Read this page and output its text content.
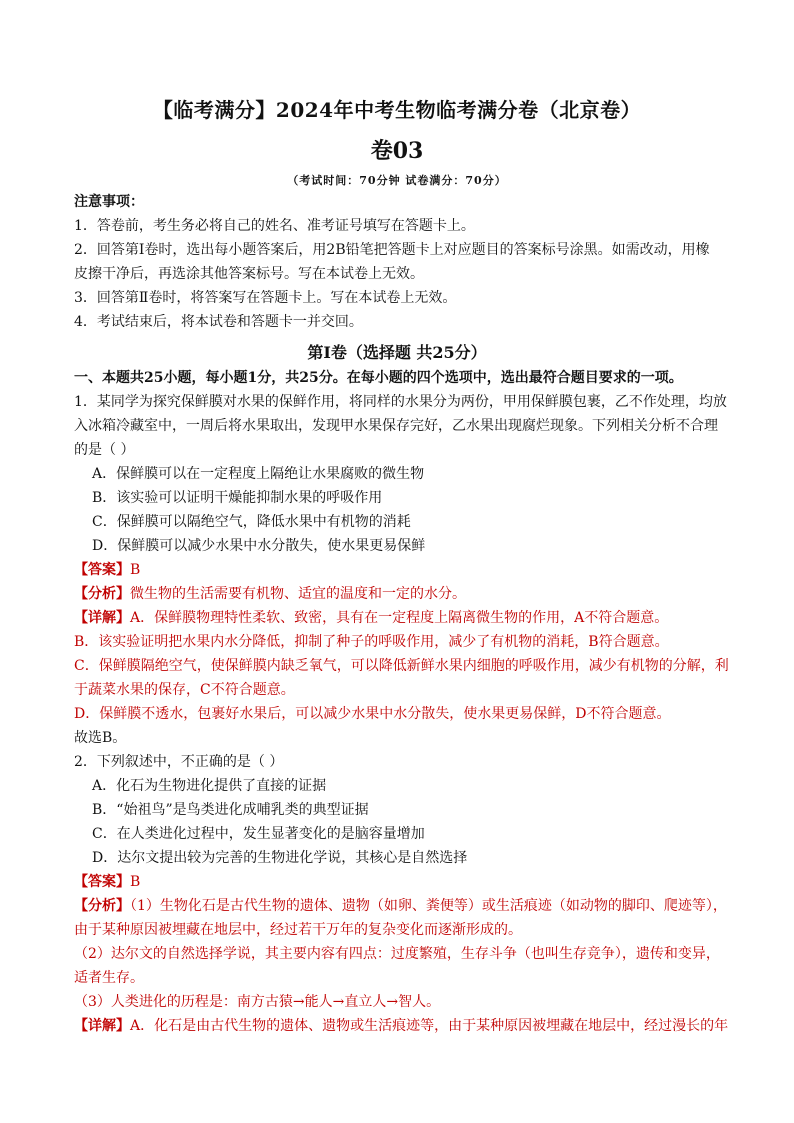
【临考满分】2024年中考生物临考满分卷（北京卷）
卷03
（考试时间：70分钟 试卷满分：70分）
注意事项：
1．答卷前，考生务必将自己的姓名、准考证号填写在答题卡上。
2．回答第Ⅰ卷时，选出每小题答案后，用2B铅笔把答题卡上对应题目的答案标号涂黑。如需改动，用橡
皮擦干净后，再选涂其他答案标号。写在本试卷上无效。
3．回答第Ⅱ卷时，将答案写在答题卡上。写在本试卷上无效。
4．考试结束后，将本试卷和答题卡一并交回。
第Ⅰ卷（选择题 共25分）
一、本题共25小题，每小题1分，共25分。在每小题的四个选项中，选出最符合题目要求的一项。
1．某同学为探究保鲜膜对水果的保鲜作用，将同样的水果分为两份，甲用保鲜膜包裹，乙不作处理，均放
入冰箱冷藏室中，一周后将水果取出，发现甲水果保存完好，乙水果出现腐烂现象。下列相关分析不合理
的是（ ）
A．保鲜膜可以在一定程度上隔绝让水果腐败的微生物
B．该实验可以证明干燥能抑制水果的呼吸作用
C．保鲜膜可以隔绝空气，降低水果中有机物的消耗
D．保鲜膜可以减少水果中水分散失，使水果更易保鲜
【答案】B
【分析】微生物的生活需要有机物、适宜的温度和一定的水分。
【详解】A．保鲜膜物理特性柔软、致密，具有在一定程度上隔离微生物的作用，A不符合题意。
B．该实验证明把水果内水分降低，抑制了种子的呼吸作用，减少了有机物的消耗，B符合题意。
C．保鲜膜隔绝空气，使保鲜膜内缺乏氧气，可以降低新鲜水果内细胞的呼吸作用，减少有机物的分解，利
于蔬菜水果的保存，C不符合题意。
D．保鲜膜不透水，包裹好水果后，可以减少水果中水分散失，使水果更易保鲜，D不符合题意。
故选B。
2．下列叙述中，不正确的是（ ）
A．化石为生物进化提供了直接的证据
B．“始祖鸟”是鸟类进化成哺乳类的典型证据
C．在人类进化过程中，发生显著变化的是脑容量增加
D．达尔文提出较为完善的生物进化学说，其核心是自然选择
【答案】B
【分析】（1）生物化石是古代生物的遗体、遗物（如卵、粪便等）或生活痕迹（如动物的脚印、爬迹等），
由于某种原因被埋藏在地层中，经过若干万年的复杂变化而逐渐形成的。
（2）达尔文的自然选择学说，其主要内容有四点：过度繁殖，生存斗争（也叫生存竞争），遗传和变异，
适者生存。
（3）人类进化的历程是：南方古猿→能人→直立人→智人。
【详解】A．化石是由古代生物的遗体、遗物或生活痕迹等，由于某种原因被埋藏在地层中，经过漫长的年
